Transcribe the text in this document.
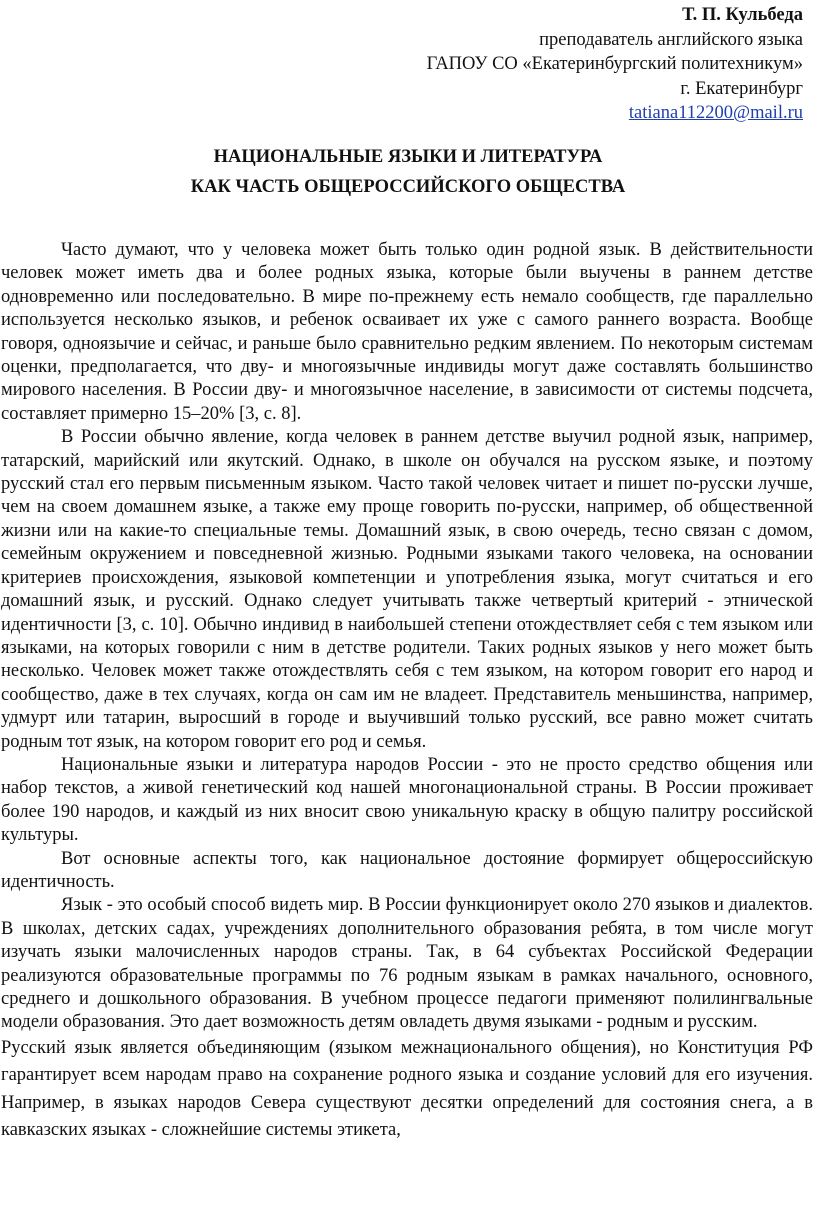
Т. П. Кульбеда
преподаватель английского языка
ГАПОУ СО «Екатеринбургский политехникум»
г. Екатеринбург
tatiana112200@mail.ru
НАЦИОНАЛЬНЫЕ ЯЗЫКИ И ЛИТЕРАТУРА
КАК ЧАСТЬ ОБЩЕРОССИЙСКОГО ОБЩЕСТВА

Часто думают, что у человека может быть только один родной язык. В действительности человек может иметь два и более родных языка, которые были выучены в раннем детстве одновременно или последовательно. В мире по-прежнему есть немало сообществ, где параллельно используется несколько языков, и ребенок осваивает их уже с самого раннего возраста. Вообще говоря, одноязычие и сейчас, и раньше было сравнительно редким явлением. По некоторым системам оценки, предполагается, что дву- и многоязычные индивиды могут даже составлять большинство мирового населения. В России дву- и многоязычное население, в зависимости от системы подсчета, составляет примерно 15–20% [3, с. 8].

В России обычно явление, когда человек в раннем детстве выучил родной язык, например, татарский, марийский или якутский. Однако, в школе он обучался на русском языке, и поэтому русский стал его первым письменным языком. Часто такой человек читает и пишет по-русски лучше, чем на своем домашнем языке, а также ему проще говорить по-русски, например, об общественной жизни или на какие-то специальные темы. Домашний язык, в свою очередь, тесно связан с домом, семейным окружением и повседневной жизнью. Родными языками такого человека, на основании критериев происхождения, языковой компетенции и употребления языка, могут считаться и его домашний язык, и русский. Однако следует учитывать также четвертый критерий - этнической идентичности [3, с. 10]. Обычно индивид в наибольшей степени отождествляет себя с тем языком или языками, на которых говорили с ним в детстве родители. Таких родных языков у него может быть несколько. Человек может также отождествлять себя с тем языком, на котором говорит его народ и сообщество, даже в тех случаях, когда он сам им не владеет. Представитель меньшинства, например, удмурт или татарин, выросший в городе и выучивший только русский, все равно может считать родным тот язык, на котором говорит его род и семья.

Национальные языки и литература народов России - это не просто средство общения или набор текстов, а живой генетический код нашей многонациональной страны. В России проживает более 190 народов, и каждый из них вносит свою уникальную краску в общую палитру российской культуры.

Вот основные аспекты того, как национальное достояние формирует общероссийскую идентичность.

Язык - это особый способ видеть мир. В России функционирует около 270 языков и диалектов. В школах, детских садах, учреждениях дополнительного образования ребята, в том числе могут изучать языки малочисленных народов страны. Так, в 64 субъектах Российской Федерации реализуются образовательные программы по 76 родным языкам в рамках начального, основного, среднего и дошкольного образования. В учебном процессе педагоги применяют полилингвальные модели образования. Это дает возможность детям овладеть двумя языками - родным и русским.

Русский язык является объединяющим (языком межнационального общения), но Конституция РФ гарантирует всем народам право на сохранение родного языка и создание условий для его изучения. Например, в языках народов Севера существуют десятки определений для состояния снега, а в кавказских языках - сложнейшие системы этикета,
